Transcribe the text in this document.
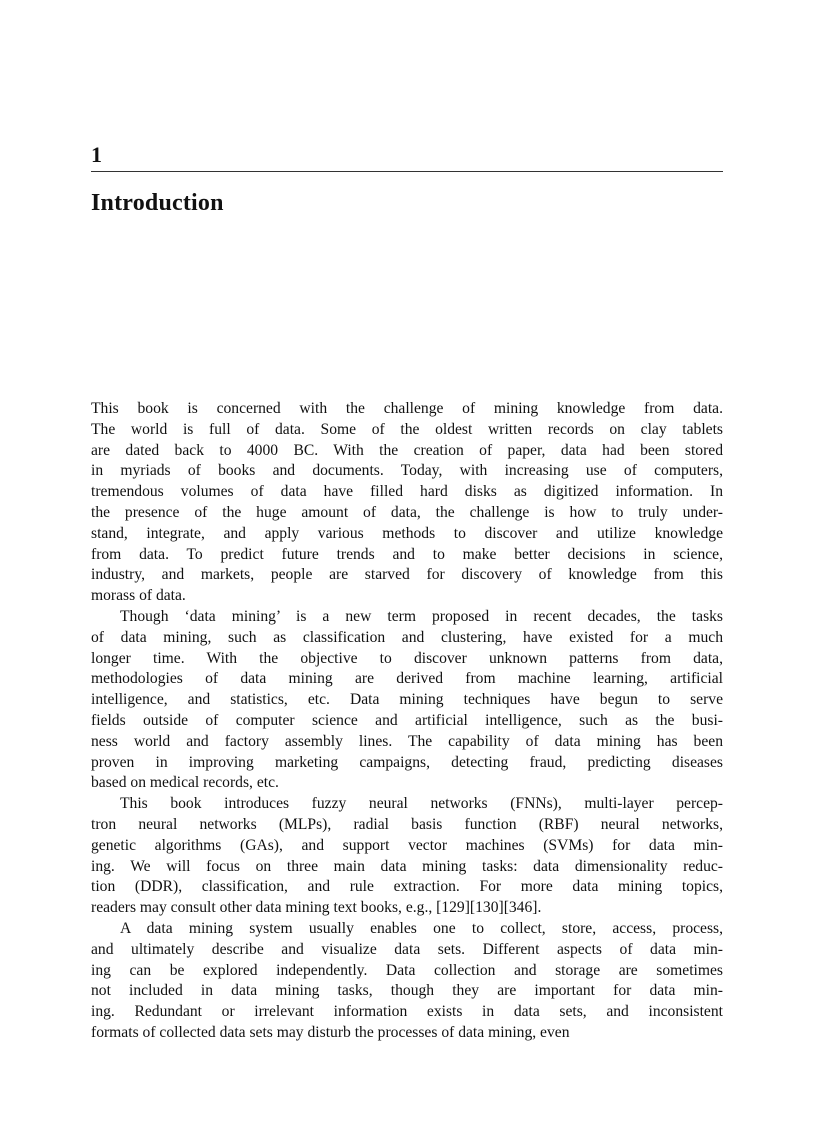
1
Introduction
This book is concerned with the challenge of mining knowledge from data.
The world is full of data. Some of the oldest written records on clay tablets
are dated back to 4000 BC. With the creation of paper, data had been stored
in myriads of books and documents. Today, with increasing use of computers,
tremendous volumes of data have filled hard disks as digitized information. In
the presence of the huge amount of data, the challenge is how to truly under-
stand, integrate, and apply various methods to discover and utilize knowledge
from data. To predict future trends and to make better decisions in science,
industry, and markets, people are starved for discovery of knowledge from this
morass of data.
Though ‘data mining’ is a new term proposed in recent decades, the tasks
of data mining, such as classification and clustering, have existed for a much
longer time. With the objective to discover unknown patterns from data,
methodologies of data mining are derived from machine learning, artificial
intelligence, and statistics, etc. Data mining techniques have begun to serve
fields outside of computer science and artificial intelligence, such as the busi-
ness world and factory assembly lines. The capability of data mining has been
proven in improving marketing campaigns, detecting fraud, predicting diseases
based on medical records, etc.
This book introduces fuzzy neural networks (FNNs), multi-layer percep-
tron neural networks (MLPs), radial basis function (RBF) neural networks,
genetic algorithms (GAs), and support vector machines (SVMs) for data min-
ing. We will focus on three main data mining tasks: data dimensionality reduc-
tion (DDR), classification, and rule extraction. For more data mining topics,
readers may consult other data mining text books, e.g., [129][130][346].
A data mining system usually enables one to collect, store, access, process,
and ultimately describe and visualize data sets. Different aspects of data min-
ing can be explored independently. Data collection and storage are sometimes
not included in data mining tasks, though they are important for data min-
ing. Redundant or irrelevant information exists in data sets, and inconsistent
formats of collected data sets may disturb the processes of data mining, even
